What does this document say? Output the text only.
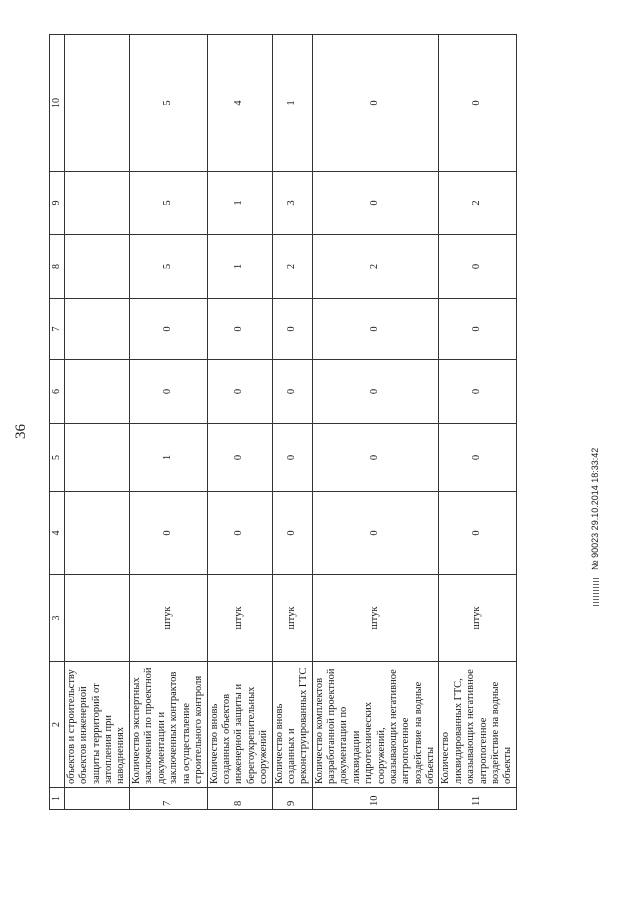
36
1	2	3	4	5	6	7	8	9	10
	объектов и строительству объектов инженерной защиты территорий от затопления при наводнениях								
7	Количество экспертных заключений по проектной документации и заключенных контрактов на осуществление строительного контроля	штук	0	1	0	0	5	5	5
8	Количество вновь созданных объектов инженерной защиты и берегоукрепительных сооружений	штук	0	0	0	0	1	1	4
9	Количество вновь созданных и реконструированных ГТС	штук	0	0	0	0	2	3	1
10	Количество комплектов разработанной проектной документации по ликвидации гидротехнических сооружений, оказывающих негативное антропогенное воздействие на водные объекты	штук	0	0	0	0	2	0	0
11	Количество ликвидированных ГТС, оказывающих негативное антропогенное воздействие на водные объекты	штук	0	0	0	0	0	2	0
№ 90023 29.10.2014 18:33:42
